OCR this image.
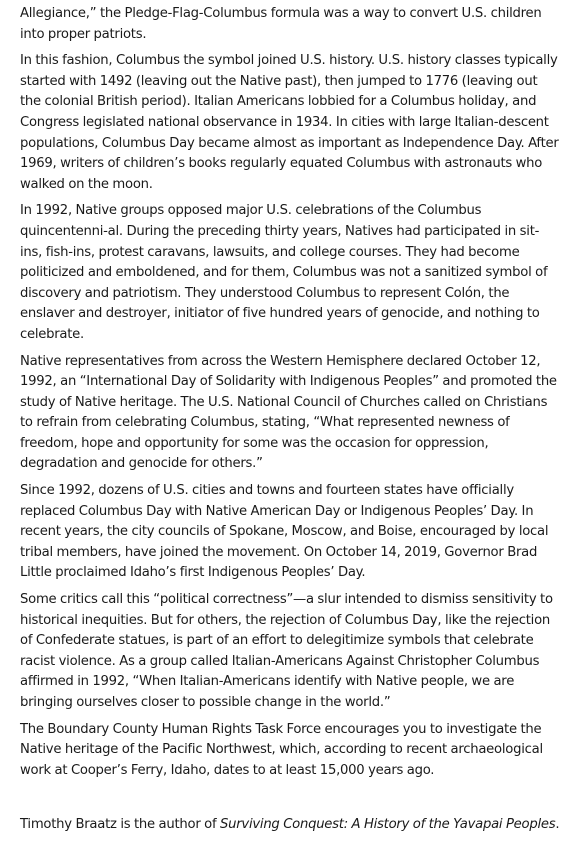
Allegiance,” the Pledge-Flag-Columbus formula was a way to convert U.S. children into proper patriots.

In this fashion, Columbus the symbol joined U.S. history. U.S. history classes typically started with 1492 (leaving out the Native past), then jumped to 1776 (leaving out the colonial British period). Italian Americans lobbied for a Columbus holiday, and Congress legislated national observance in 1934. In cities with large Italian-descent populations, Columbus Day became almost as important as Independence Day. After 1969, writers of children’s books regularly equated Columbus with astronauts who walked on the moon.

In 1992, Native groups opposed major U.S. celebrations of the Columbus quincentenni-al. During the preceding thirty years, Natives had participated in sit-ins, fish-ins, protest caravans, lawsuits, and college courses. They had become politicized and emboldened, and for them, Columbus was not a sanitized symbol of discovery and patriotism. They understood Columbus to represent Colón, the enslaver and destroyer, initiator of five hundred years of genocide, and nothing to celebrate.

Native representatives from across the Western Hemisphere declared October 12, 1992, an “International Day of Solidarity with Indigenous Peoples” and promoted the study of Native heritage. The U.S. National Council of Churches called on Christians to refrain from celebrating Columbus, stating, “What represented newness of freedom, hope and opportunity for some was the occasion for oppression, degradation and genocide for others.”

Since 1992, dozens of U.S. cities and towns and fourteen states have officially replaced Columbus Day with Native American Day or Indigenous Peoples’ Day. In recent years, the city councils of Spokane, Moscow, and Boise, encouraged by local tribal members, have joined the movement. On October 14, 2019, Governor Brad Little proclaimed Idaho’s first Indigenous Peoples’ Day.

Some critics call this “political correctness”—a slur intended to dismiss sensitivity to historical inequities. But for others, the rejection of Columbus Day, like the rejection of Confederate statues, is part of an effort to delegitimize symbols that celebrate racist violence. As a group called Italian-Americans Against Christopher Columbus affirmed in 1992, “When Italian-Americans identify with Native people, we are bringing ourselves closer to possible change in the world.”

The Boundary County Human Rights Task Force encourages you to investigate the Native heritage of the Pacific Northwest, which, according to recent archaeological work at Cooper’s Ferry, Idaho, dates to at least 15,000 years ago.

Timothy Braatz is the author of Surviving Conquest: A History of the Yavapai Peoples.
